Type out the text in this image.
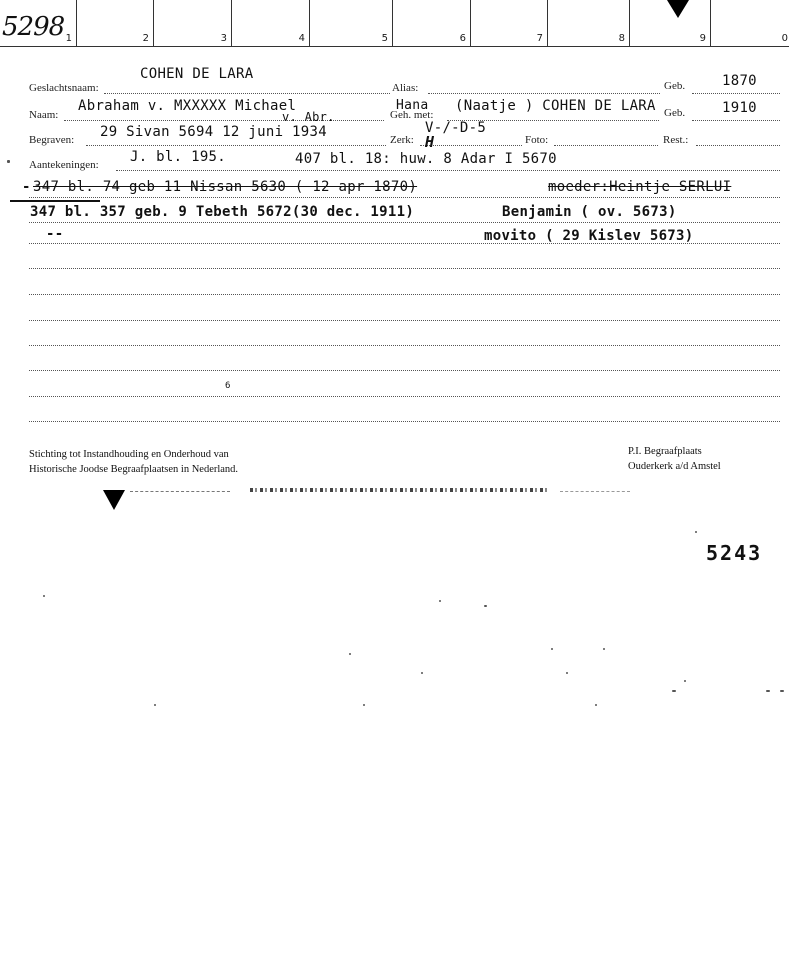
1	2	3	4	5	6	7	8	9	0
5298
Geslachtsnaam:
COHEN DE LARA
Alias:	Geb.	1870
Naam:
Abraham v. MXXXXX Michael
v. Abr.	Geh. met:
Hana (Naatje ) COHEN DE LARA Geb.	1910
Begraven: 29 Sivan 5694 12 juni 1934	Zerk:
V-/-D-5
H	Foto:	Rest.:
Aantekeningen: J. bl. 195.	407 bl. 18: huw. 8 Adar I 5670
- 347 bl. 74 geb 11 Nissan 5630 ( 12 apr 1870)	moeder:Heintje SERLUI
347 bl. 357 geb. 9 Tebeth 5672(30 dec. 1911)	Benjamin ( ov. 5673)
--	movito ( 29 Kislev 5673)
6
Stichting tot Instandhouding en Onderhoud van
Historische Joodse Begraafplaatsen in Nederland.
P.I. Begraafplaats
Ouderkerk a/d Amstel
5243
